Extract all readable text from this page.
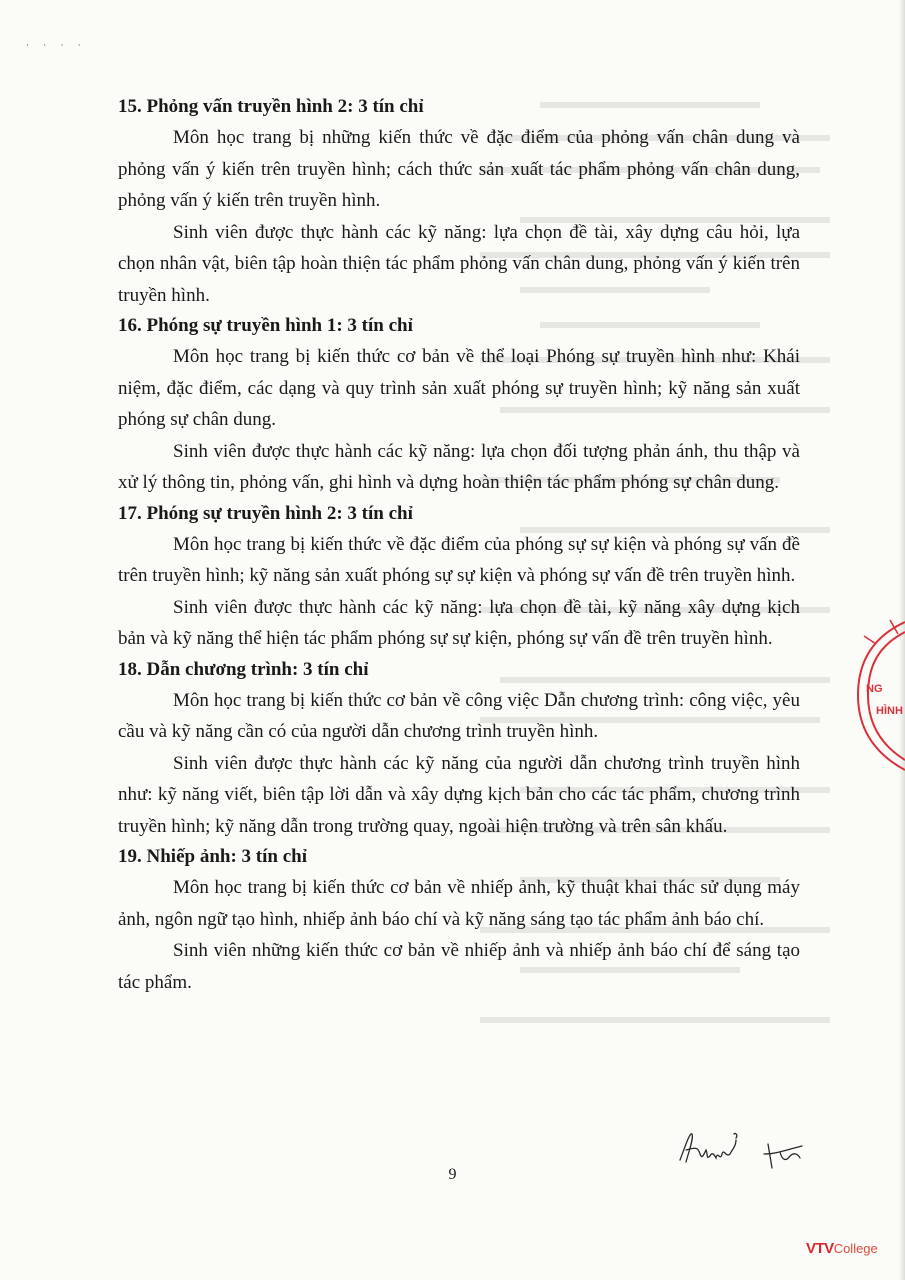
· · · ·

15. Phỏng vấn truyền hình 2: 3 tín chỉ

Môn học trang bị những kiến thức về đặc điểm của phỏng vấn chân dung và phỏng vấn ý kiến trên truyền hình; cách thức sản xuất tác phẩm phỏng vấn chân dung, phỏng vấn ý kiến trên truyền hình.

Sinh viên được thực hành các kỹ năng: lựa chọn đề tài, xây dựng câu hỏi, lựa chọn nhân vật, biên tập hoàn thiện tác phẩm phỏng vấn chân dung, phỏng vấn ý kiến trên truyền hình.

16. Phóng sự truyền hình 1: 3 tín chỉ

Môn học trang bị kiến thức cơ bản về thể loại Phóng sự truyền hình như: Khái niệm, đặc điểm, các dạng và quy trình sản xuất phóng sự truyền hình; kỹ năng sản xuất phóng sự chân dung.

Sinh viên được thực hành các kỹ năng: lựa chọn đối tượng phản ánh, thu thập và xử lý thông tin, phỏng vấn, ghi hình và dựng hoàn thiện tác phẩm phóng sự chân dung.

17. Phóng sự truyền hình 2: 3 tín chỉ

Môn học trang bị kiến thức về đặc điểm của phóng sự sự kiện và phóng sự vấn đề trên truyền hình; kỹ năng sản xuất phóng sự sự kiện và phóng sự vấn đề trên truyền hình.

Sinh viên được thực hành các kỹ năng: lựa chọn đề tài, kỹ năng xây dựng kịch bản và kỹ năng thể hiện tác phẩm phóng sự sự kiện, phóng sự vấn đề trên truyền hình.

18. Dẫn chương trình: 3 tín chỉ

Môn học trang bị kiến thức cơ bản về công việc Dẫn chương trình: công việc, yêu cầu và kỹ năng cần có của người dẫn chương trình truyền hình.

Sinh viên được thực hành các kỹ năng của người dẫn chương trình truyền hình như: kỹ năng viết, biên tập lời dẫn và xây dựng kịch bản cho các tác phẩm, chương trình truyền hình; kỹ năng dẫn trong trường quay, ngoài hiện trường và trên sân khấu.

19. Nhiếp ảnh: 3 tín chỉ

Môn học trang bị kiến thức cơ bản về nhiếp ảnh, kỹ thuật khai thác sử dụng máy ảnh, ngôn ngữ tạo hình, nhiếp ảnh báo chí và kỹ năng sáng tạo tác phẩm ảnh báo chí.

Sinh viên những kiến thức cơ bản về nhiếp ảnh và nhiếp ảnh báo chí để sáng tạo tác phẩm.

9
NG
HÌNH
VTVCollege
